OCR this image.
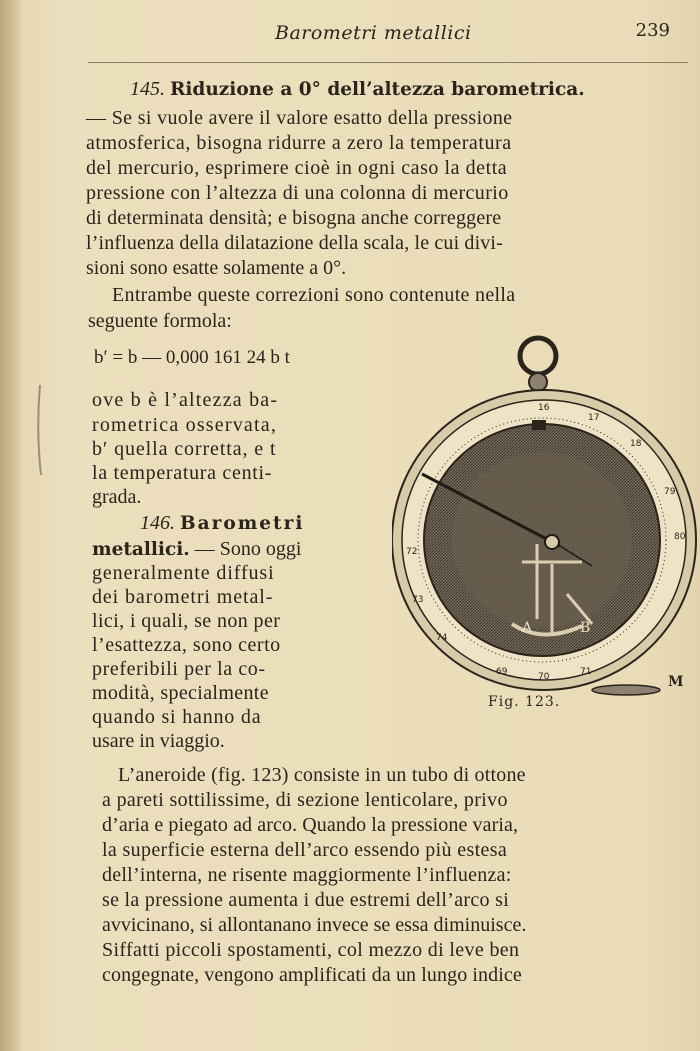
Barometri metallici	239
145. Riduzione a 0° dell’altezza barometrica.
— Se si vuole avere il valore esatto della pressione
atmosferica, bisogna ridurre a zero la temperatura
del mercurio, esprimere cioè in ogni caso la detta
pressione con l’altezza di una colonna di mercurio
di determinata densità; e bisogna anche correggere
l’influenza della dilatazione della scala, le cui divi-
sioni sono esatte solamente a 0°.
Entrambe queste correzioni sono contenute nella
seguente formola:
b′ = b — 0,000 161 24 b t
ove b è l’altezza ba-
rometrica osservata,
b′ quella corretta, e t
la temperatura centi-
grada.
146. Barometri
metallici. — Sono oggi
generalmente diffusi
dei barometri metal-
lici, i quali, se non per
l’esattezza, sono certo
preferibili per la co-
modità, specialmente
quando si hanno da
usare in viaggio.
16
17
18
79
80
72
73
74
69	70	71
A	B
Fig. 123.
M
L’aneroide (fig. 123) consiste in un tubo di ottone
a pareti sottilissime, di sezione lenticolare, privo
d’aria e piegato ad arco. Quando la pressione varia,
la superficie esterna dell’arco essendo più estesa
dell’interna, ne risente maggiormente l’influenza:
se la pressione aumenta i due estremi dell’arco si
avvicinano, si allontanano invece se essa diminuisce.
Siffatti piccoli spostamenti, col mezzo di leve ben
congegnate, vengono amplificati da un lungo indice
